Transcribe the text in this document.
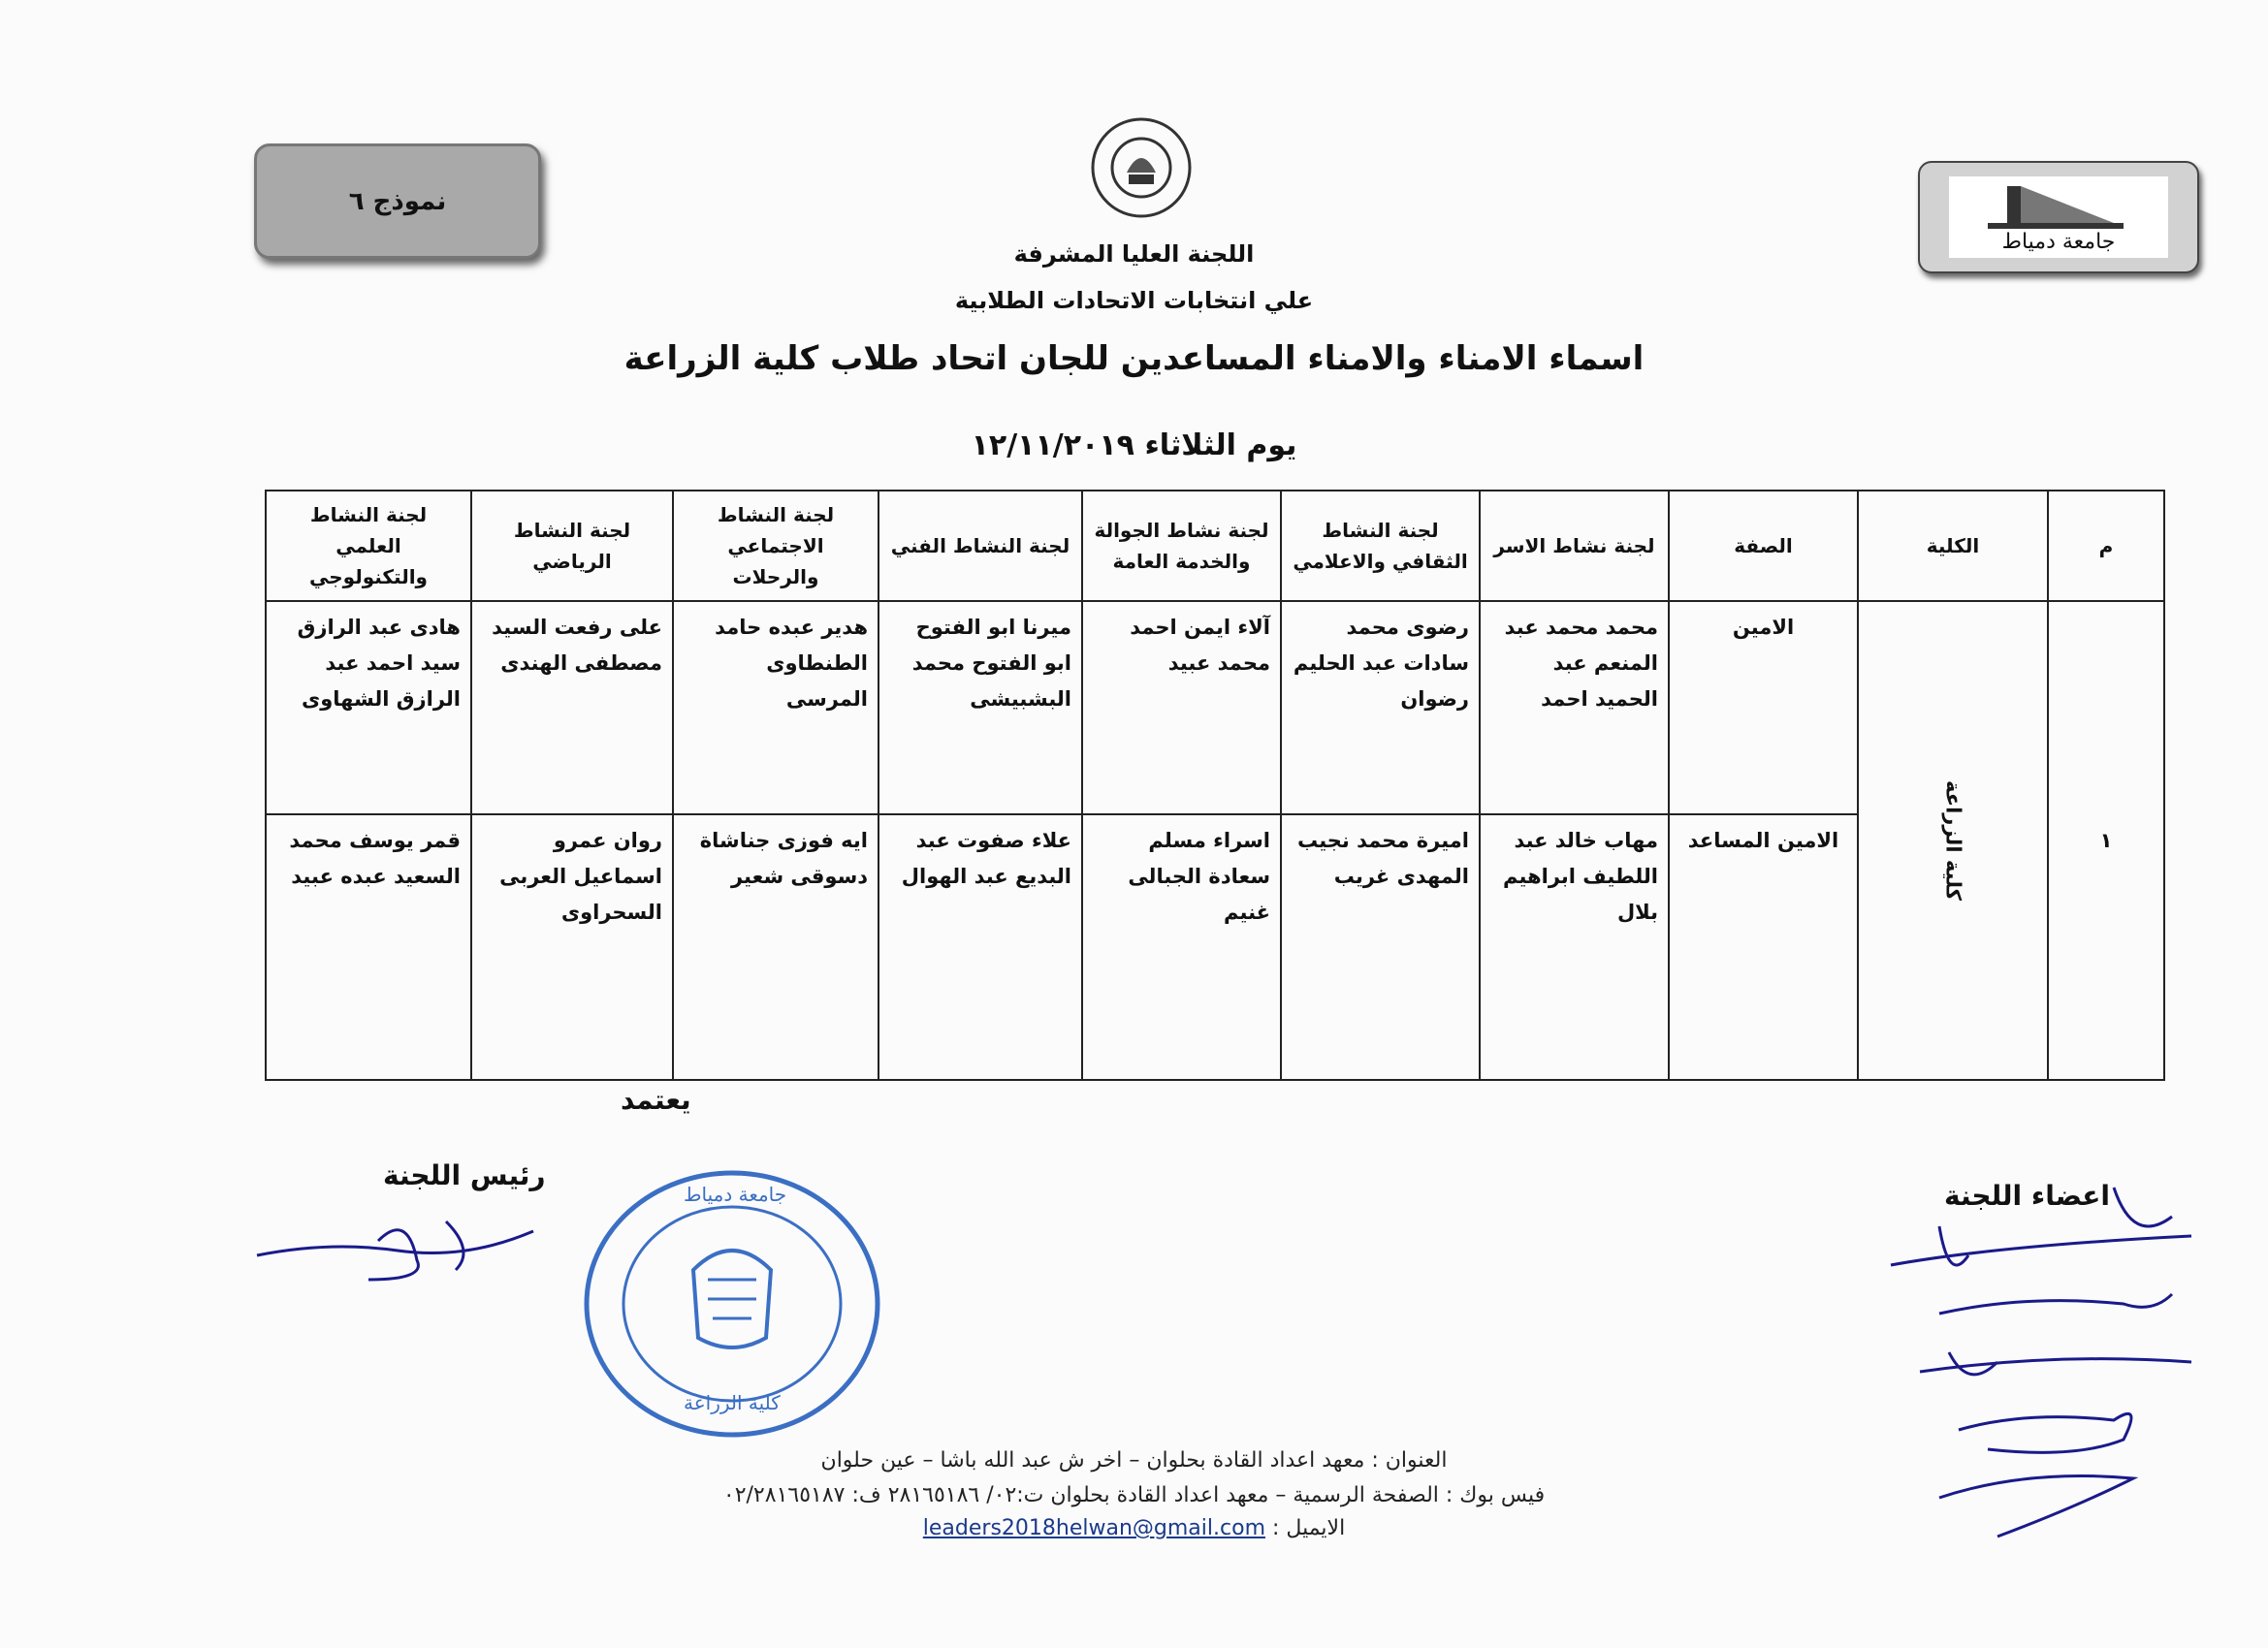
نموذج ٦
جامعة دمياط
اللجنة العليا المشرفة
علي انتخابات الاتحادات الطلابية
اسماء الامناء والامناء المساعدين للجان اتحاد طلاب كلية الزراعة
يوم الثلاثاء ١٢/١١/٢٠١٩
م	الكلية	الصفة	لجنة نشاط الاسر	لجنة النشاط الثقافي والاعلامي	لجنة نشاط الجوالة والخدمة العامة	لجنة النشاط الفني	لجنة النشاط الاجتماعي والرحلات	لجنة النشاط الرياضي	لجنة النشاط العلمي والتكنولوجي
١	كلية الزراعة	الامين	محمد محمد عبد المنعم عبد الحميد احمد	رضوى محمد سادات عبد الحليم رضوان	آلاء ايمن احمد محمد عبيد	ميرنا ابو الفتوح ابو الفتوح محمد البشبيشى	هدير عبده حامد الطنطاوى المرسى	على رفعت السيد مصطفى الهندى	هادى عبد الرازق سيد احمد عبد الرازق الشهاوى
		الامين المساعد	مهاب خالد عبد اللطيف ابراهيم بلال	اميرة محمد نجيب المهدى غريب	اسراء مسلم سعادة الجبالى غنيم	علاء صفوت عبد البديع عبد الهوال	ايه فوزى جناشاة دسوقى شعير	روان عمرو اسماعيل العربى السحراوى	قمر يوسف محمد السعيد عبده عبيد
يعتمد
رئيس اللجنة
اعضاء اللجنة
جامعة دمياط
كلية الزراعة
العنوان : معهد اعداد القادة بحلوان – اخر ش عبد الله باشا – عين حلوان
فيس بوك : الصفحة الرسمية – معهد اعداد القادة بحلوان ت:٠٢/ ٢٨١٦٥١٨٦ ف: ٠٢/٢٨١٦٥١٨٧
الايميل : leaders2018helwan@gmail.com
